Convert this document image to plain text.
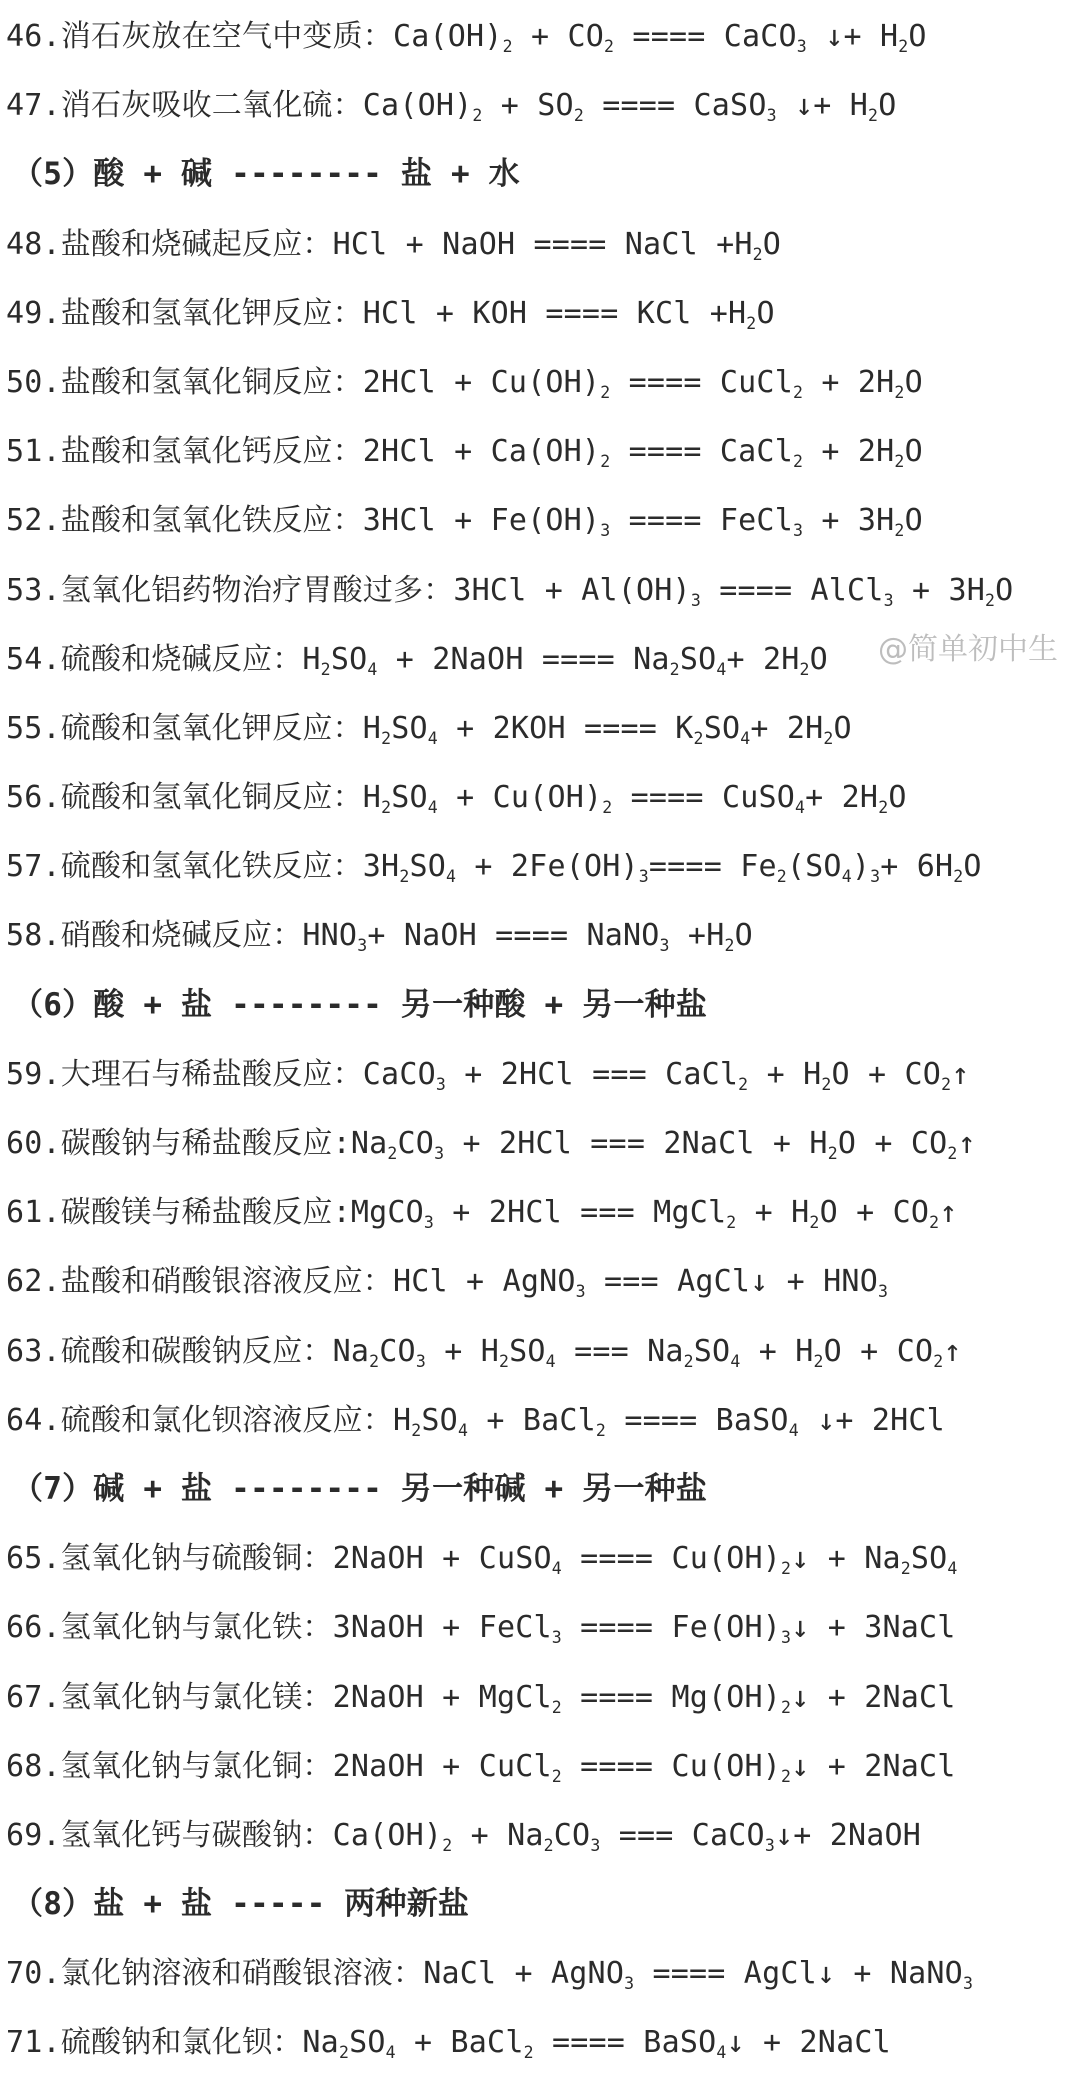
46.消石灰放在空气中变质：$Ca(OH)_2 + CO_2$ ==== CaCO$_3$ ↓+ $H_2O$
47.消石灰吸收二氧化硫：$Ca(OH)_2 + SO_2$ ==== CaSO$_3$ ↓+ $H_2O$
（5）酸 + 碱 -------- 盐 + 水
48.盐酸和烧碱起反应：HCl + NaOH ==== NaCl $+H_2O$
49.盐酸和氢氧化钾反应：HCl + KOH ==== KCl $+H_2O$
50.盐酸和氢氧化铜反应：$2HCl + Cu(OH)_2$ ==== CuCl$_2$ + $2H_2O$
51.盐酸和氢氧化钙反应：$2HCl + Ca(OH)_2$ ==== CaCl$_2$ + $2H_2O$
52.盐酸和氢氧化铁反应：$3HCl + Fe(OH)_3$ ==== FeCl$_3$ + $3H_2O$
53.氢氧化铝药物治疗胃酸过多：$3HCl + Al(OH)_3$ ==== AlCl$_3$ + $3H_2O$
54.硫酸和烧碱反应：$H_2SO_4$ + 2NaOH ==== $Na_2SO_4+ 2H_2O$
55.硫酸和氢氧化钾反应：$H_2SO_4 + 2KOH$ ==== $K_2SO_4+ 2H_2O$
56.硫酸和氢氧化铜反应：$H_2SO_4 + Cu(OH)_2$ ==== CuSO$_4$+ $2H_2O$
57.硫酸和氢氧化铁反应：$3H_2SO_4 + 2Fe(OH)_3==== Fe_2(SO_4)_3+ 6H_2O$
58.硝酸和烧碱反应：$HNO_3+$ NaOH ==== NaNO$_3$ $+H_2O$
（6）酸 + 盐 -------- 另一种酸 + 另一种盐
59.大理石与稀盐酸反应：CaCO$_3$ + 2HCl === CaCl$_2$ + $H_2O$ + $CO_2↑$
60.碳酸钠与稀盐酸反应$:Na_2CO_3 + 2HCl$ === 2NaCl + $H_2O$ + $CO_2↑$
61.碳酸镁与稀盐酸反应:MgCO$_3$ + 2HCl === MgCl$_2$ + $H_2O$ + $CO_2↑$
62.盐酸和硝酸银溶液反应：HCl + AgNO$_3$ === AgCl↓ + $HNO_3$
63.硫酸和碳酸钠反应：$Na_2CO_3 + H_2SO_4$ === $Na_2SO_4 + H_2O$ + $CO_2↑$
64.硫酸和氯化钡溶液反应：$H_2SO_4$ + BaCl$_2$ ==== BaSO$_4$ ↓+ 2HCl
（7）碱 + 盐 -------- 另一种碱 + 另一种盐
65.氢氧化钠与硫酸铜：2NaOH + CuSO$_4$ ==== $Cu(OH)_2↓ + Na_2SO_4$
66.氢氧化钠与氯化铁：3NaOH + FeCl$_3$ ==== $Fe(OH)_3↓$ + 3NaCl
67.氢氧化钠与氯化镁：2NaOH + MgCl$_2$ ==== $Mg(OH)_2↓$ + 2NaCl
68.氢氧化钠与氯化铜：2NaOH + CuCl$_2$ ==== $Cu(OH)_2↓$ + 2NaCl
69.氢氧化钙与碳酸钠：$Ca(OH)_2 + Na_2CO_3$ === CaCO$_3$↓+ 2NaOH
（8）盐 + 盐 ----- 两种新盐
70.氯化钠溶液和硝酸银溶液：NaCl + AgNO$_3$ ==== AgCl↓ + NaNO$_3$
71.硫酸钠和氯化钡：$Na_2SO_4$ + BaCl$_2$ ==== BaSO$_4$↓ + 2NaCl
@简单初中生
